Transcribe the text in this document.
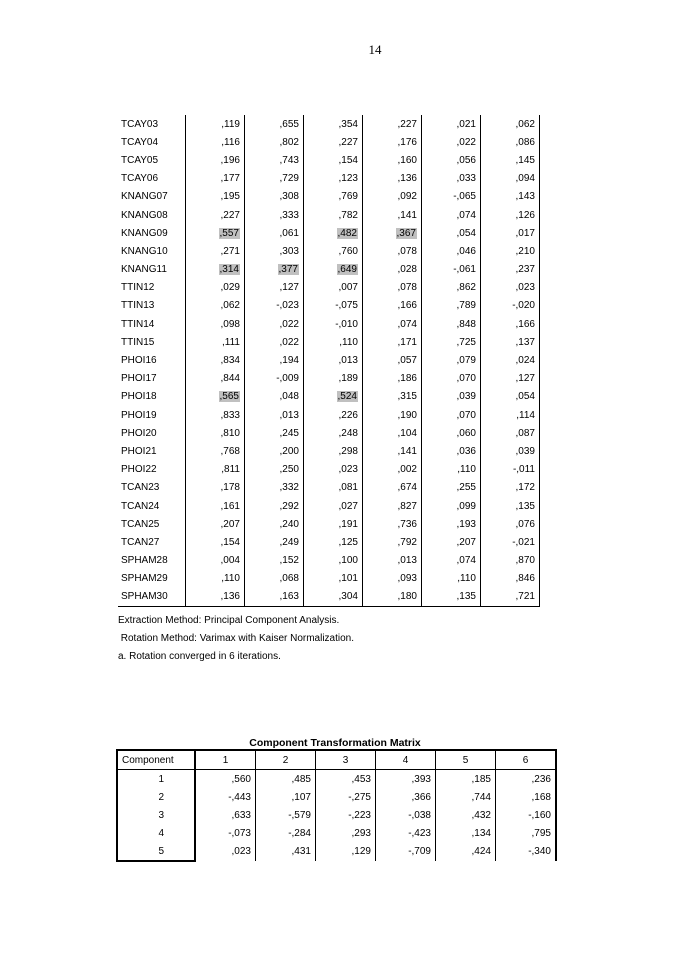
14
TCAY03	,119	,655	,354	,227	,021	,062
TCAY04	,116	,802	,227	,176	,022	,086
TCAY05	,196	,743	,154	,160	,056	,145
TCAY06	,177	,729	,123	,136	,033	,094
KNANG07	,195	,308	,769	,092	-,065	,143
KNANG08	,227	,333	,782	,141	,074	,126
KNANG09	,557	,061	,482	,367	,054	,017
KNANG10	,271	,303	,760	,078	,046	,210
KNANG11	,314	,377	,649	,028	-,061	,237
TTIN12	,029	,127	,007	,078	,862	,023
TTIN13	,062	-,023	-,075	,166	,789	-,020
TTIN14	,098	,022	-,010	,074	,848	,166
TTIN15	,111	,022	,110	,171	,725	,137
PHOI16	,834	,194	,013	,057	,079	,024
PHOI17	,844	-,009	,189	,186	,070	,127
PHOI18	,565	,048	,524	,315	,039	,054
PHOI19	,833	,013	,226	,190	,070	,114
PHOI20	,810	,245	,248	,104	,060	,087
PHOI21	,768	,200	,298	,141	,036	,039
PHOI22	,811	,250	,023	,002	,110	-,011
TCAN23	,178	,332	,081	,674	,255	,172
TCAN24	,161	,292	,027	,827	,099	,135
TCAN25	,207	,240	,191	,736	,193	,076
TCAN27	,154	,249	,125	,792	,207	-,021
SPHAM28	,004	,152	,100	,013	,074	,870
SPHAM29	,110	,068	,101	,093	,110	,846
SPHAM30	,136	,163	,304	,180	,135	,721
Extraction Method: Principal Component Analysis.
Rotation Method: Varimax with Kaiser Normalization.
a. Rotation converged in 6 iterations.
Component Transformation Matrix
Component	1	2	3	4	5	6
1	,560	,485	,453	,393	,185	,236
2	-,443	,107	-,275	,366	,744	,168
3	,633	-,579	-,223	-,038	,432	-,160
4	-,073	-,284	,293	-,423	,134	,795
5	,023	,431	,129	-,709	,424	-,340
